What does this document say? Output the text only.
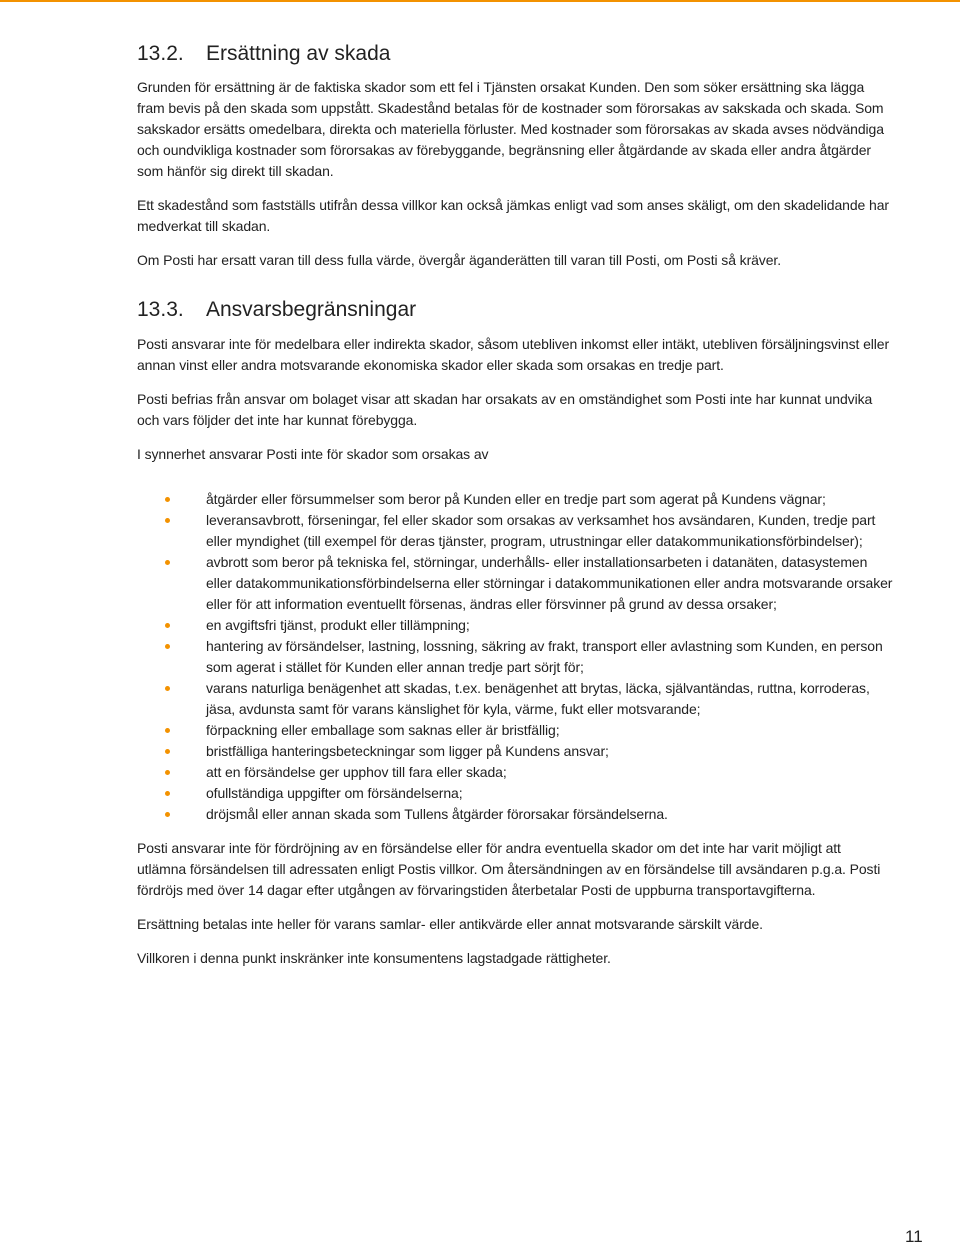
13.2. Ersättning av skada

Grunden för ersättning är de faktiska skador som ett fel i Tjänsten orsakat Kunden. Den som söker ersättning ska lägga fram bevis på den skada som uppstått. Skadestånd betalas för de kostnader som förorsakas av sakskada och skada. Som sakskador ersätts omedelbara, direkta och materiella förluster. Med kostnader som förorsakas av skada avses nödvändiga och oundvikliga kostnader som förorsakas av förebyggande, begränsning eller åtgärdande av skada eller andra åtgärder som hänför sig direkt till skadan.

Ett skadestånd som fastställs utifrån dessa villkor kan också jämkas enligt vad som anses skäligt, om den skadelidande har medverkat till skadan.

Om Posti har ersatt varan till dess fulla värde, övergår äganderätten till varan till Posti, om Posti så kräver.

13.3. Ansvarsbegränsningar

Posti ansvarar inte för medelbara eller indirekta skador, såsom utebliven inkomst eller intäkt, utebliven försäljningsvinst eller annan vinst eller andra motsvarande ekonomiska skador eller skada som orsakas en tredje part.

Posti befrias från ansvar om bolaget visar att skadan har orsakats av en omständighet som Posti inte har kunnat undvika och vars följder det inte har kunnat förebygga.

I synnerhet ansvarar Posti inte för skador som orsakas av

åtgärder eller försummelser som beror på Kunden eller en tredje part som agerat på Kundens vägnar;
leveransavbrott, förseningar, fel eller skador som orsakas av verksamhet hos avsändaren, Kunden, tredje part eller myndighet (till exempel för deras tjänster, program, utrustningar eller datakommunikationsförbindelser);
avbrott som beror på tekniska fel, störningar, underhålls- eller installationsarbeten i datanäten, datasystemen eller datakommunikationsförbindelserna eller störningar i datakommunikationen eller andra motsvarande orsaker eller för att information eventuellt försenas, ändras eller försvinner på grund av dessa orsaker;
en avgiftsfri tjänst, produkt eller tillämpning;
hantering av försändelser, lastning, lossning, säkring av frakt, transport eller avlastning som Kunden, en person som agerat i stället för Kunden eller annan tredje part sörjt för;
varans naturliga benägenhet att skadas, t.ex. benägenhet att brytas, läcka, självantändas, ruttna, korroderas, jäsa, avdunsta samt för varans känslighet för kyla, värme, fukt eller motsvarande;
förpackning eller emballage som saknas eller är bristfällig;
bristfälliga hanteringsbeteckningar som ligger på Kundens ansvar;
att en försändelse ger upphov till fara eller skada;
ofullständiga uppgifter om försändelserna;
dröjsmål eller annan skada som Tullens åtgärder förorsakar försändelserna.

Posti ansvarar inte för fördröjning av en försändelse eller för andra eventuella skador om det inte har varit möjligt att utlämna försändelsen till adressaten enligt Postis villkor. Om återsändningen av en försändelse till avsändaren p.g.a. Posti fördröjs med över 14 dagar efter utgången av förvaringstiden återbetalar Posti de uppburna transportavgifterna.

Ersättning betalas inte heller för varans samlar- eller antikvärde eller annat motsvarande särskilt värde.

Villkoren i denna punkt inskränker inte konsumentens lagstadgade rättigheter.

11
